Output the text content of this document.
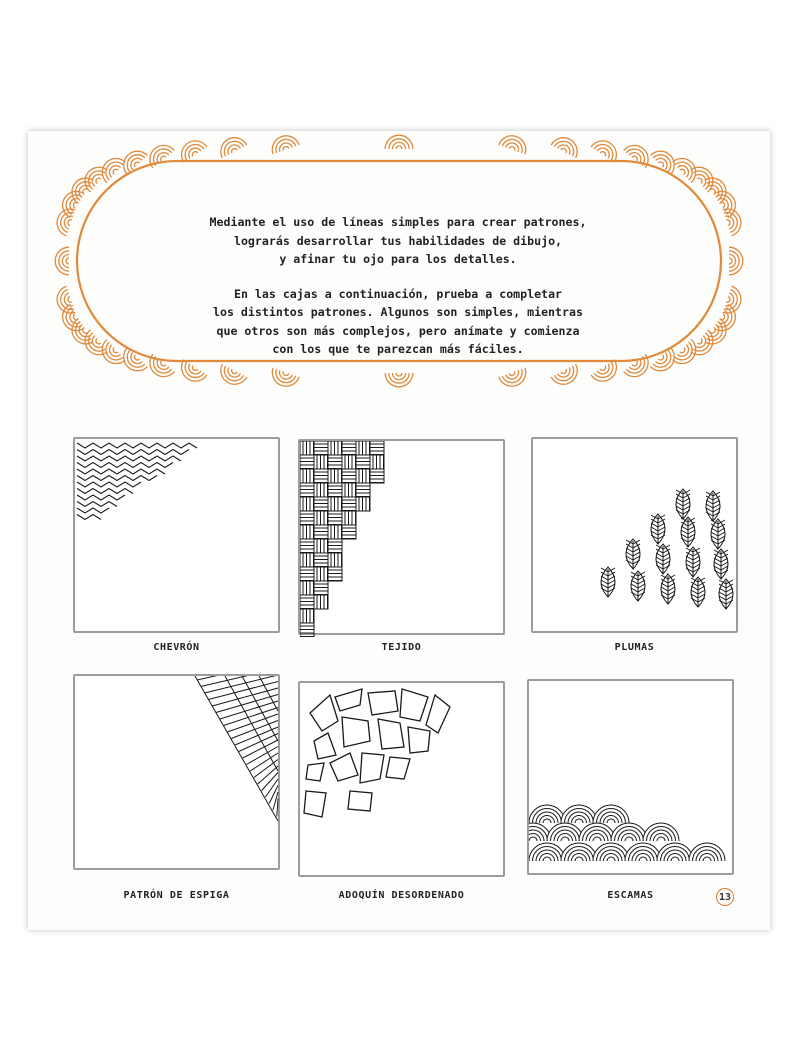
Mediante el uso de líneas simples para crear patrones,
lograrás desarrollar tus habilidades de dibujo,
y afinar tu ojo para los detalles.

En las cajas a continuación, prueba a completar
los distintos patrones. Algunos son simples, mientras
que otros son más complejos, pero anímate y comienza
con los que te parezcan más fáciles.

CHEVRÓN	TEJIDO	PLUMAS
PATRÓN DE ESPIGA	ADOQUÍN DESORDENADO	ESCAMAS	13
